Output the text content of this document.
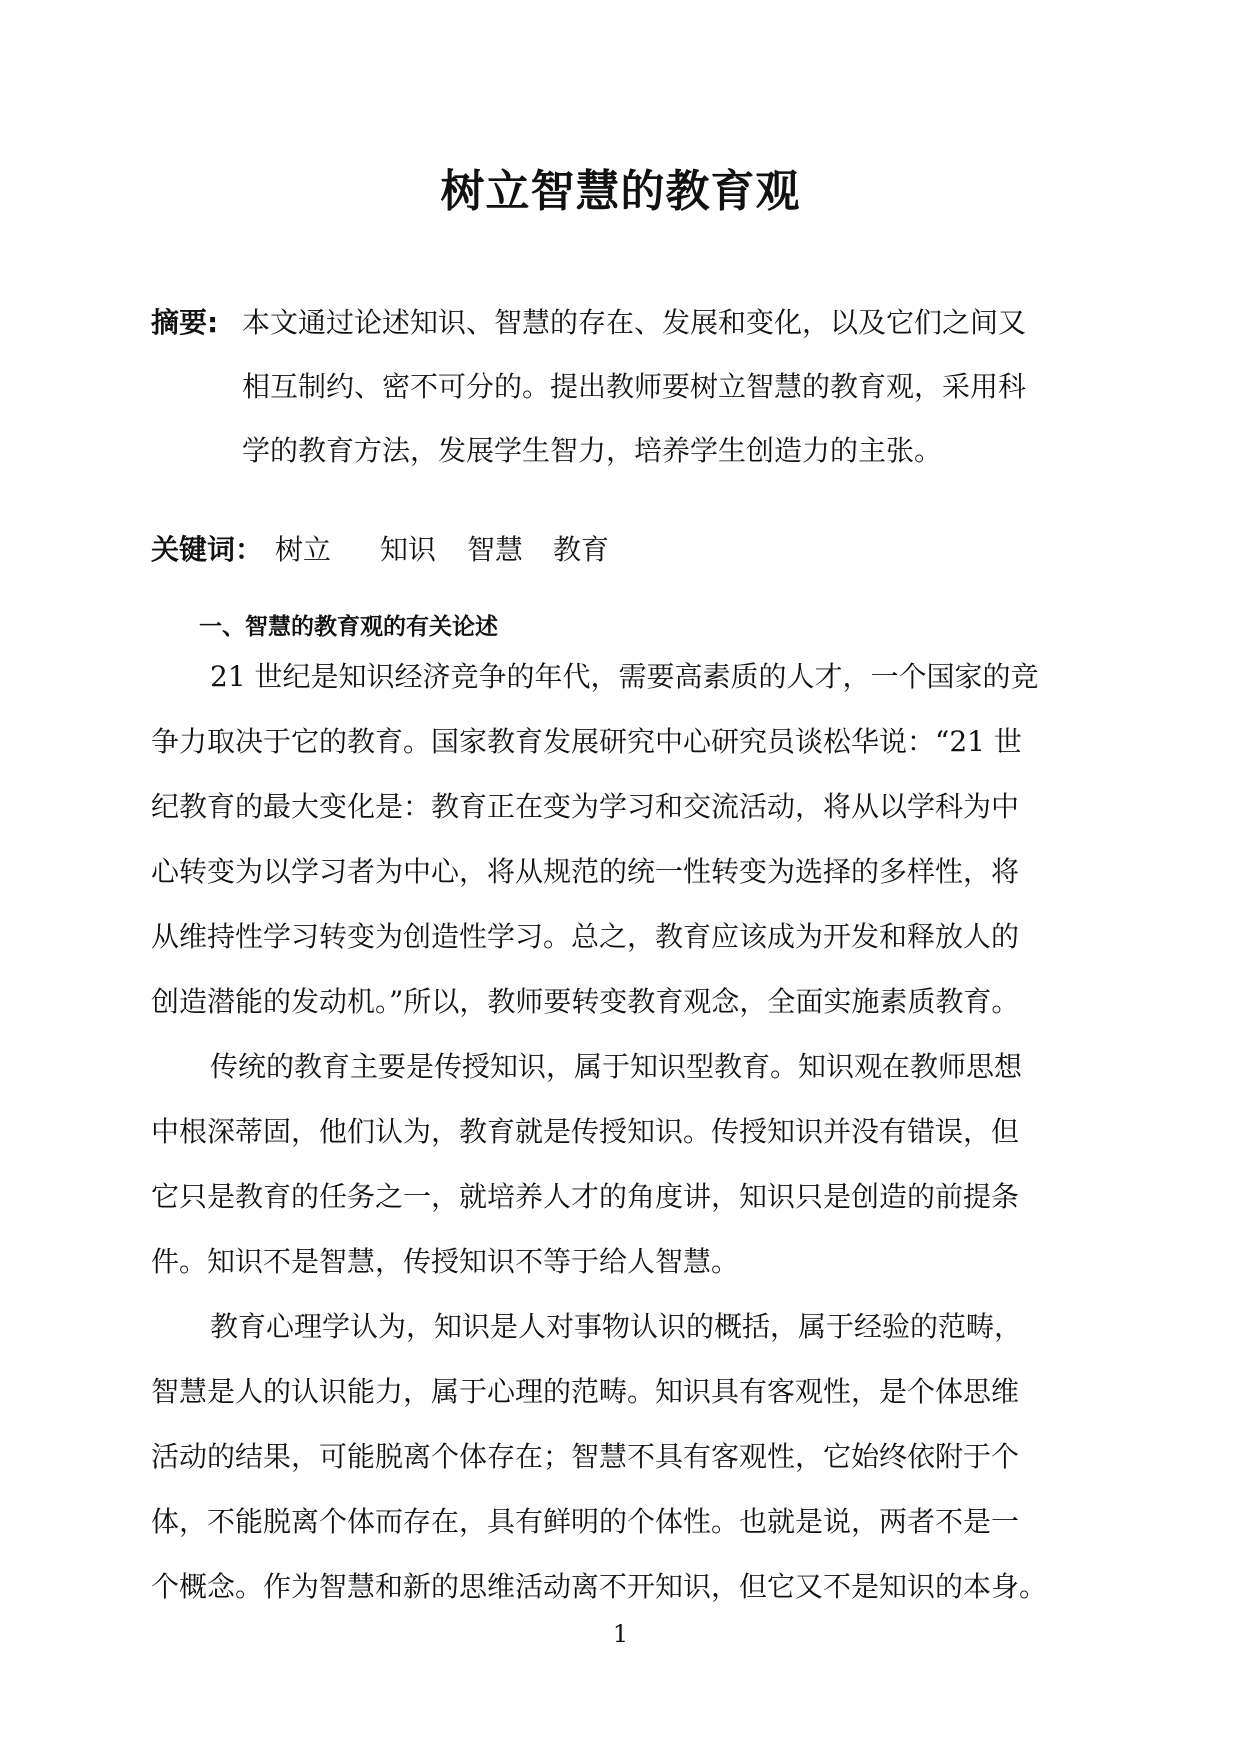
树立智慧的教育观
摘要: 本文通过论述知识、智慧的存在、发展和变化，以及它们之间又
相互制约、密不可分的。提出教师要树立智慧的教育观，采用科
学的教育方法，发展学生智力，培养学生创造力的主张。
关键词： 树立 知识 智慧 教育
一、智慧的教育观的有关论述
21 世纪是知识经济竞争的年代，需要高素质的人才，一个国家的竞
争力取决于它的教育。国家教育发展研究中心研究员谈松华说：“21 世
纪教育的最大变化是：教育正在变为学习和交流活动，将从以学科为中
心转变为以学习者为中心，将从规范的统一性转变为选择的多样性，将
从维持性学习转变为创造性学习。总之，教育应该成为开发和释放人的
创造潜能的发动机。”所以，教师要转变教育观念，全面实施素质教育。
传统的教育主要是传授知识，属于知识型教育。知识观在教师思想
中根深蒂固，他们认为，教育就是传授知识。传授知识并没有错误，但
它只是教育的任务之一，就培养人才的角度讲，知识只是创造的前提条
件。知识不是智慧，传授知识不等于给人智慧。
教育心理学认为，知识是人对事物认识的概括，属于经验的范畴，
智慧是人的认识能力，属于心理的范畴。知识具有客观性，是个体思维
活动的结果，可能脱离个体存在；智慧不具有客观性，它始终依附于个
体，不能脱离个体而存在，具有鲜明的个体性。也就是说，两者不是一
个概念。作为智慧和新的思维活动离不开知识，但它又不是知识的本身。
1
